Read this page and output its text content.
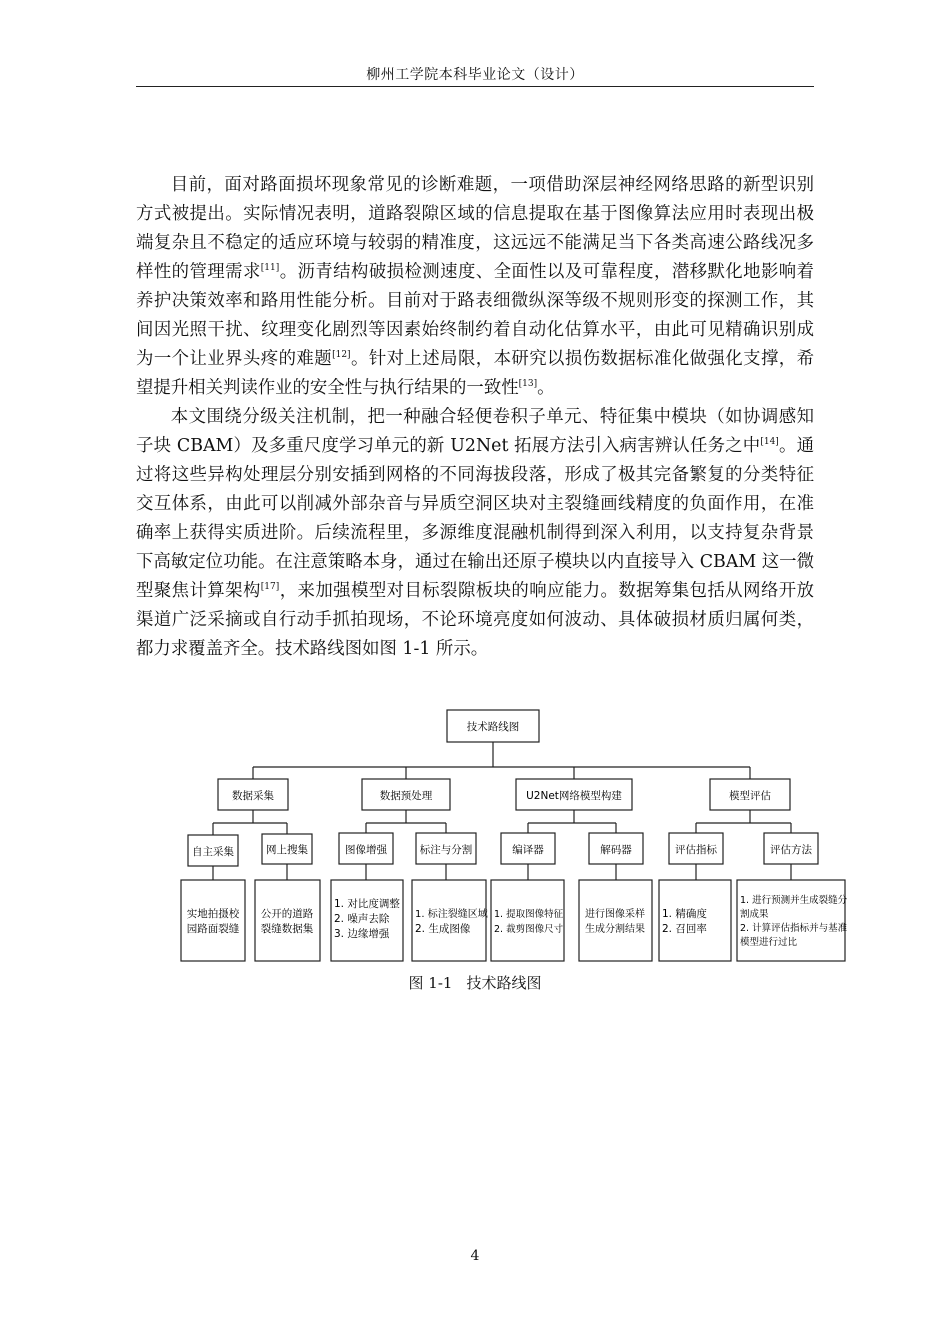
柳州工学院本科毕业论文（设计）

目前，面对路面损坏现象常见的诊断难题，一项借助深层神经网络思路的新型识别方式被提出。实际情况表明，道路裂隙区域的信息提取在基于图像算法应用时表现出极端复杂且不稳定的适应环境与较弱的精准度，这远远不能满足当下各类高速公路线况多样性的管理需求[11]。沥青结构破损检测速度、全面性以及可靠程度，潜移默化地影响着养护决策效率和路用性能分析。目前对于路表细微纵深等级不规则形变的探测工作，其间因光照干扰、纹理变化剧烈等因素始终制约着自动化估算水平，由此可见精确识别成为一个让业界头疼的难题[12]。针对上述局限，本研究以损伤数据标准化做强化支撑，希望提升相关判读作业的安全性与执行结果的一致性[13]。

本文围绕分级关注机制，把一种融合轻便卷积子单元、特征集中模块（如协调感知子块 CBAM）及多重尺度学习单元的新 U2Net 拓展方法引入病害辨认任务之中[14]。通过将这些异构处理层分别安插到网格的不同海拔段落，形成了极其完备繁复的分类特征交互体系，由此可以削减外部杂音与异质空洞区块对主裂缝画线精度的负面作用，在准确率上获得实质进阶。后续流程里，多源维度混融机制得到深入利用，以支持复杂背景下高敏定位功能。在注意策略本身，通过在输出还原子模块以内直接导入 CBAM 这一微型聚焦计算架构[17]，来加强模型对目标裂隙板块的响应能力。数据筹集包括从网络开放渠道广泛采摘或自行动手抓拍现场，不论环境亮度如何波动、具体破损材质归属何类，都力求覆盖齐全。技术路线图如图 1-1 所示。

技术路线图
数据采集	数据预处理	U2Net网络模型构建	模型评估
自主采集	网上搜集	图像增强	标注与分割	编译器	解码器	评估指标	评估方法
实地拍摄校
园路面裂缝
公开的道路
裂缝数据集
1. 对比度调整
2. 噪声去除
3. 边缘增强
1. 标注裂缝区域
2. 生成图像
1. 提取图像特征
2. 裁剪图像尺寸
进行图像采样
生成分割结果
1. 精确度
2. 召回率
1. 进行预测并生成裂缝分
割成果
2. 计算评估指标并与基准
模型进行过比
图 1-1 技术路线图
4
